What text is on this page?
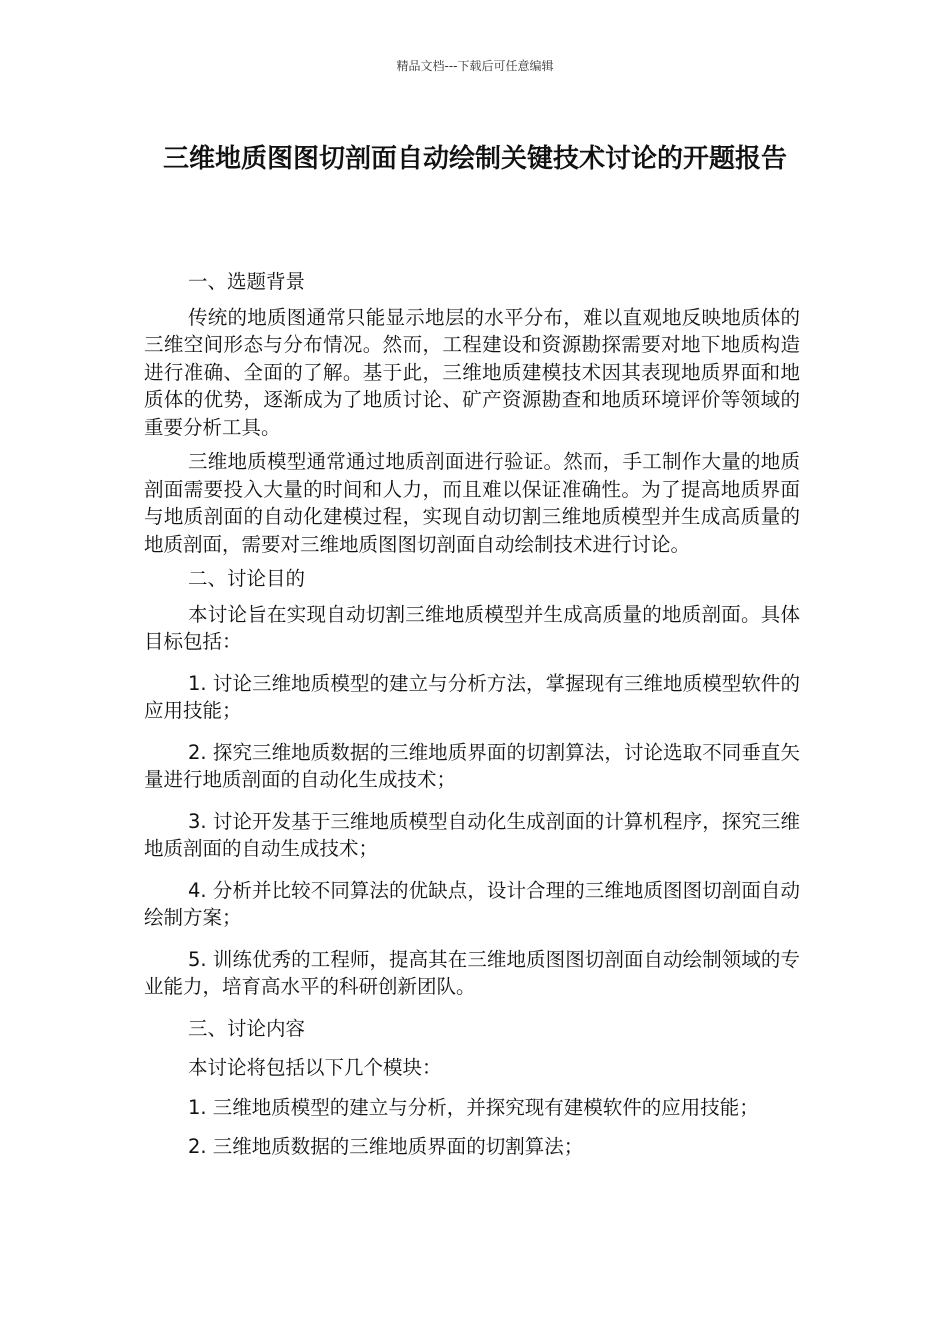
精品文档---下载后可任意编辑
三维地质图图切剖面自动绘制关键技术讨论的开题报告

一、选题背景

传统的地质图通常只能显示地层的水平分布，难以直观地反映地质体的三维空间形态与分布情况。然而，工程建设和资源勘探需要对地下地质构造进行准确、全面的了解。基于此，三维地质建模技术因其表现地质界面和地质体的优势，逐渐成为了地质讨论、矿产资源勘查和地质环境评价等领域的重要分析工具。

三维地质模型通常通过地质剖面进行验证。然而，手工制作大量的地质剖面需要投入大量的时间和人力，而且难以保证准确性。为了提高地质界面与地质剖面的自动化建模过程，实现自动切割三维地质模型并生成高质量的地质剖面，需要对三维地质图图切剖面自动绘制技术进行讨论。

二、讨论目的

本讨论旨在实现自动切割三维地质模型并生成高质量的地质剖面。具体目标包括：

1. 讨论三维地质模型的建立与分析方法，掌握现有三维地质模型软件的应用技能；

2. 探究三维地质数据的三维地质界面的切割算法，讨论选取不同垂直矢量进行地质剖面的自动化生成技术；

3. 讨论开发基于三维地质模型自动化生成剖面的计算机程序，探究三维地质剖面的自动生成技术；

4. 分析并比较不同算法的优缺点，设计合理的三维地质图图切剖面自动绘制方案；

5. 训练优秀的工程师，提高其在三维地质图图切剖面自动绘制领域的专业能力，培育高水平的科研创新团队。

三、讨论内容

本讨论将包括以下几个模块：

1. 三维地质模型的建立与分析，并探究现有建模软件的应用技能；

2. 三维地质数据的三维地质界面的切割算法；
